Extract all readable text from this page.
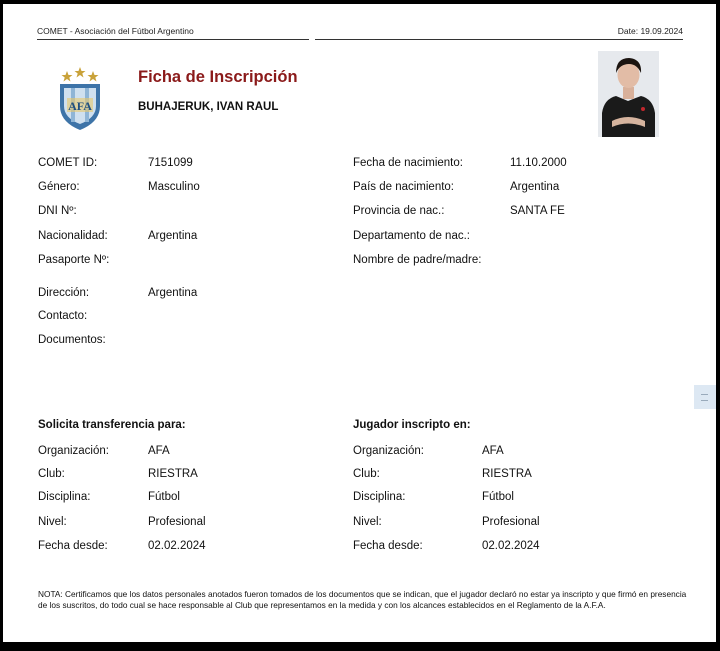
COMET - Asociación del Fútbol Argentino	Date: 19.09.2024
AFA
Ficha de Inscripción
BUHAJERUK, IVAN RAUL
COMET ID:	7151099
Género:	Masculino
DNI Nº:
Nacionalidad:	Argentina
Pasaporte Nº:
Dirección:	Argentina
Contacto:
Documentos:
Fecha de nacimiento:	11.10.2000
País de nacimiento:	Argentina
Provincia de nac.:	SANTA FE
Departamento de nac.:
Nombre de padre/madre:
Solicita transferencia para:	Jugador inscripto en:
Organización:	AFA
Club:	RIESTRA
Disciplina:	Fútbol
Nivel:	Profesional
Fecha desde:	02.02.2024
Organización:	AFA
Club:	RIESTRA
Disciplina:	Fútbol
Nivel:	Profesional
Fecha desde:	02.02.2024
NOTA: Certificamos que los datos personales anotados fueron tomados de los documentos que se indican, que el jugador declaró no estar ya inscripto y que firmó en presencia de los suscritos, do todo cual se hace responsable al Club que representamos en la medida y con los alcances establecidos en el Reglamento de la A.F.A.
